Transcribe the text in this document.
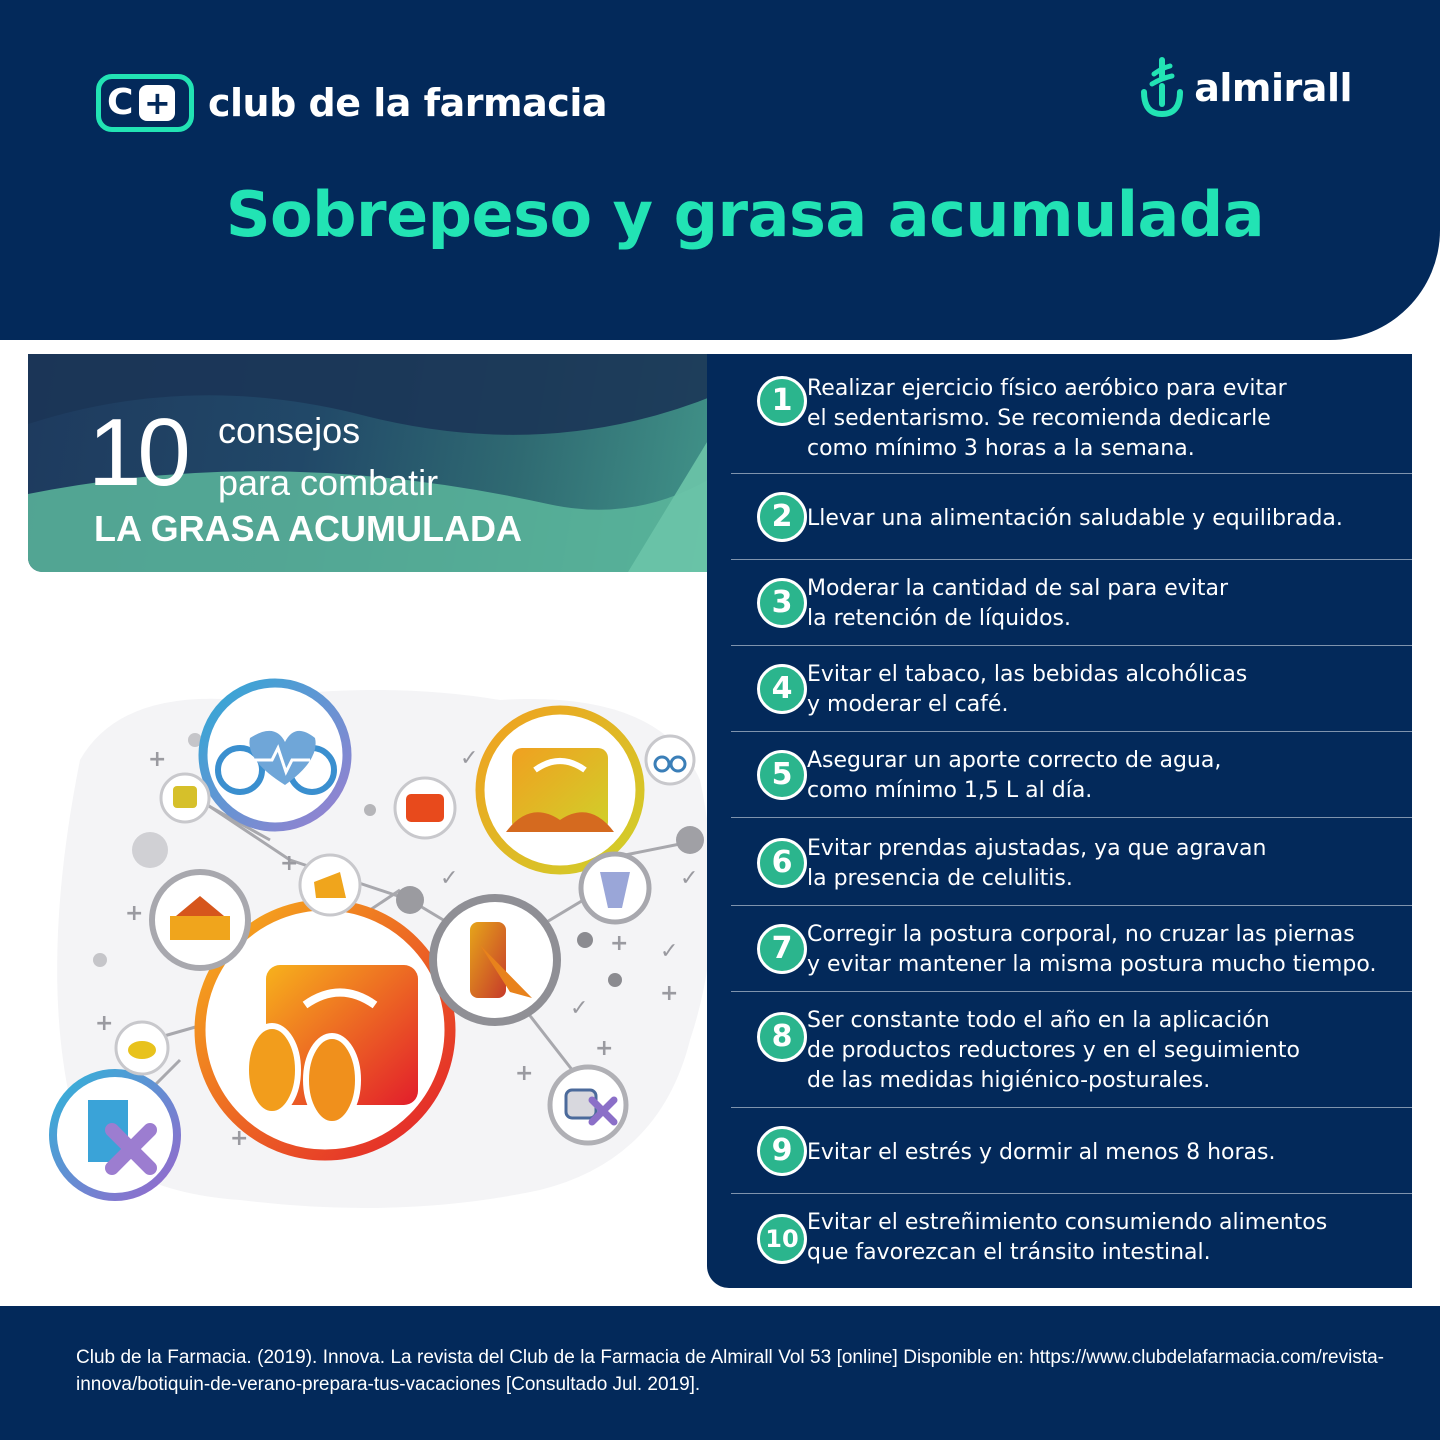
C + club de la farmacia	almirall
Sobrepeso y grasa acumulada
10 consejos
para combatir
LA GRASA ACUMULADA
+
+
+
+
+
+
+
+
+
✓
✓
✓
✓
✓
1 Realizar ejercicio físico aeróbico para evitar
el sedentarismo. Se recomienda dedicarle
como mínimo 3 horas a la semana.
2 Llevar una alimentación saludable y equilibrada.
3 Moderar la cantidad de sal para evitar
la retención de líquidos.
4 Evitar el tabaco, las bebidas alcohólicas
y moderar el café.
5 Asegurar un aporte correcto de agua,
como mínimo 1,5 L al día.
6 Evitar prendas ajustadas, ya que agravan
la presencia de celulitis.
7 Corregir la postura corporal, no cruzar las piernas
y evitar mantener la misma postura mucho tiempo.
8 Ser constante todo el año en la aplicación
de productos reductores y en el seguimiento
de las medidas higiénico-posturales.
9 Evitar el estrés y dormir al menos 8 horas.
10
Evitar el estreñimiento consumiendo alimentos
que favorezcan el tránsito intestinal.
Club de la Farmacia. (2019). Innova. La revista del Club de la Farmacia de Almirall Vol 53 [online] Disponible en: https://www.clubdelafarmacia.com/revista-innova/botiquin-de-verano-prepara-tus-vacaciones [Consultado Jul. 2019].
